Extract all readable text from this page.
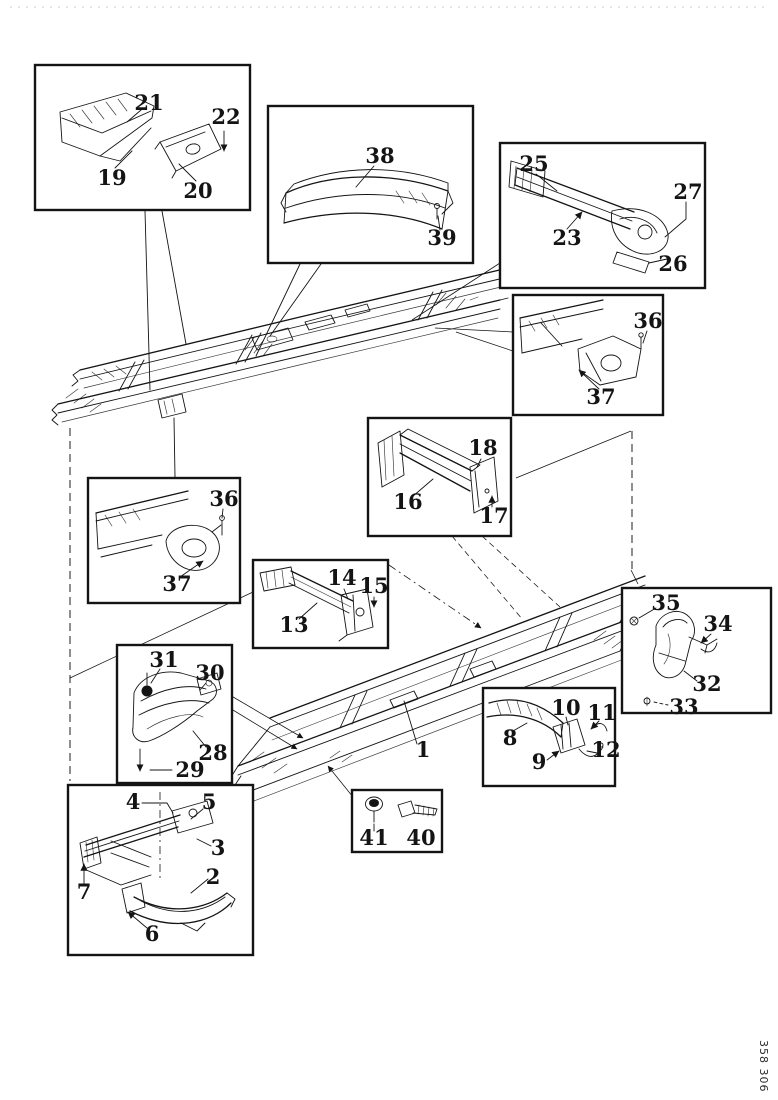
1
21
19
22
20
38
39
25
23
27
26
36
37
16
18
17
36
37
13
14 15
31
30
28
29
4	5
3
2
7
6
41 40
8
10 11
9 12
35
34
32
33
358 306
